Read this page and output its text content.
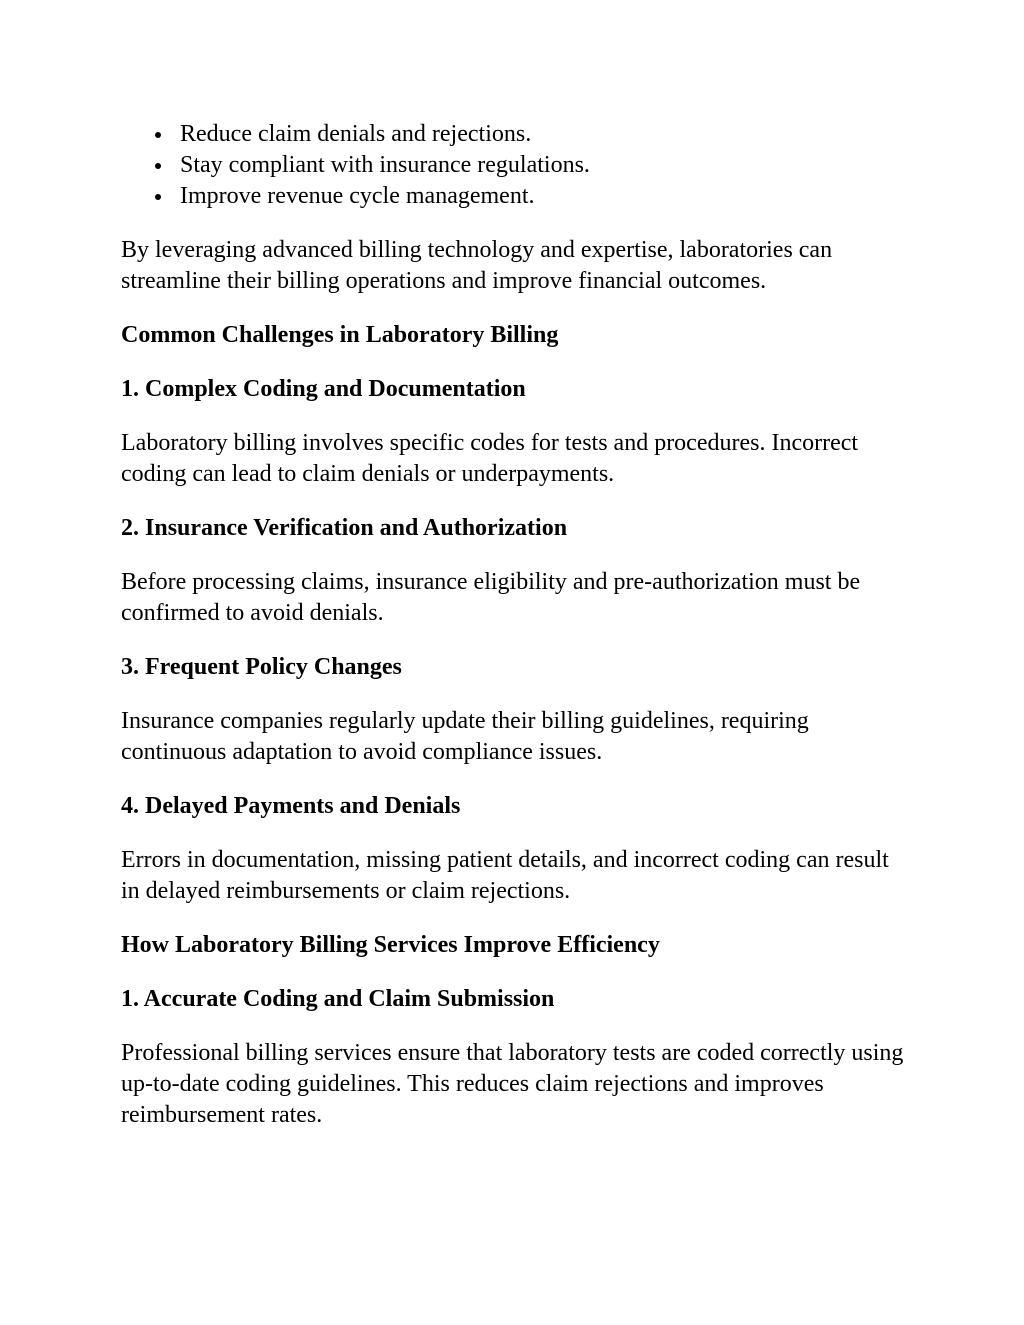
Reduce claim denials and rejections.
Stay compliant with insurance regulations.
Improve revenue cycle management.

By leveraging advanced billing technology and expertise, laboratories can streamline their billing operations and improve financial outcomes.

Common Challenges in Laboratory Billing

1. Complex Coding and Documentation

Laboratory billing involves specific codes for tests and procedures. Incorrect coding can lead to claim denials or underpayments.

2. Insurance Verification and Authorization

Before processing claims, insurance eligibility and pre-authorization must be confirmed to avoid denials.

3. Frequent Policy Changes

Insurance companies regularly update their billing guidelines, requiring continuous adaptation to avoid compliance issues.

4. Delayed Payments and Denials

Errors in documentation, missing patient details, and incorrect coding can result in delayed reimbursements or claim rejections.

How Laboratory Billing Services Improve Efficiency

1. Accurate Coding and Claim Submission

Professional billing services ensure that laboratory tests are coded correctly using up-to-date coding guidelines. This reduces claim rejections and improves reimbursement rates.
